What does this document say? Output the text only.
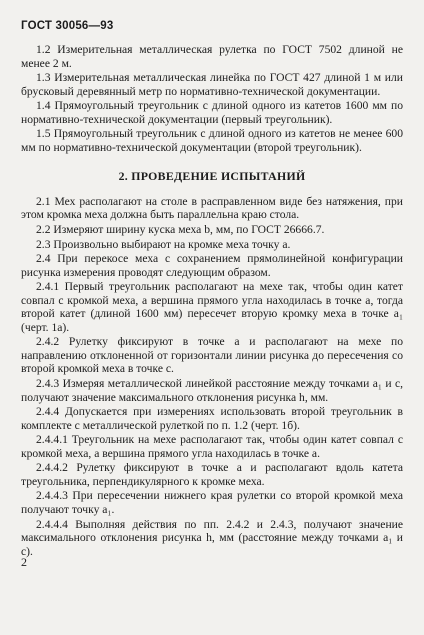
ГОСТ 30056—93

1.2 Измерительная металлическая рулетка по ГОСТ 7502 длиной не менее 2 м.

1.3 Измерительная металлическая линейка по ГОСТ 427 длиной 1 м или брусковый деревянный метр по нормативно-технической документации.

1.4 Прямоугольный треугольник с длиной одного из катетов 1600 мм по нормативно-технической документации (первый треугольник).

1.5 Прямоугольный треугольник с длиной одного из катетов не менее 600 мм по нормативно-технической документации (второй треугольник).

2. ПРОВЕДЕНИЕ ИСПЫТАНИЙ

2.1 Мех располагают на столе в расправленном виде без натяжения, при этом кромка меха должна быть параллельна краю стола.

2.2 Измеряют ширину куска меха b, мм, по ГОСТ 26666.7.

2.3 Произвольно выбирают на кромке меха точку a.

2.4 При перекосе меха с сохранением прямолинейной конфигурации рисунка измерения проводят следующим образом.

2.4.1 Первый треугольник располагают на мехе так, чтобы один катет совпал с кромкой меха, а вершина прямого угла находилась в точке a, тогда второй катет (длиной 1600 мм) пересечет вторую кромку меха в точке a₁ (черт. 1а).

2.4.2 Рулетку фиксируют в точке a и располагают на мехе по направлению отклоненной от горизонтали линии рисунка до пересечения со второй кромкой меха в точке c.

2.4.3 Измеряя металлической линейкой расстояние между точками a₁ и c, получают значение максимального отклонения рисунка h, мм.

2.4.4 Допускается при измерениях использовать второй треугольник в комплекте с металлической рулеткой по п. 1.2 (черт. 1б).

2.4.4.1 Треугольник на мехе располагают так, чтобы один катет совпал с кромкой меха, а вершина прямого угла находилась в точке a.

2.4.4.2 Рулетку фиксируют в точке a и располагают вдоль катета треугольника, перпендикулярного к кромке меха.

2.4.4.3 При пересечении нижнего края рулетки со второй кромкой меха получают точку a₁.

2.4.4.4 Выполняя действия по пп. 2.4.2 и 2.4.3, получают значение максимального отклонения рисунка h, мм (расстояние между точками a₁ и c).

2
